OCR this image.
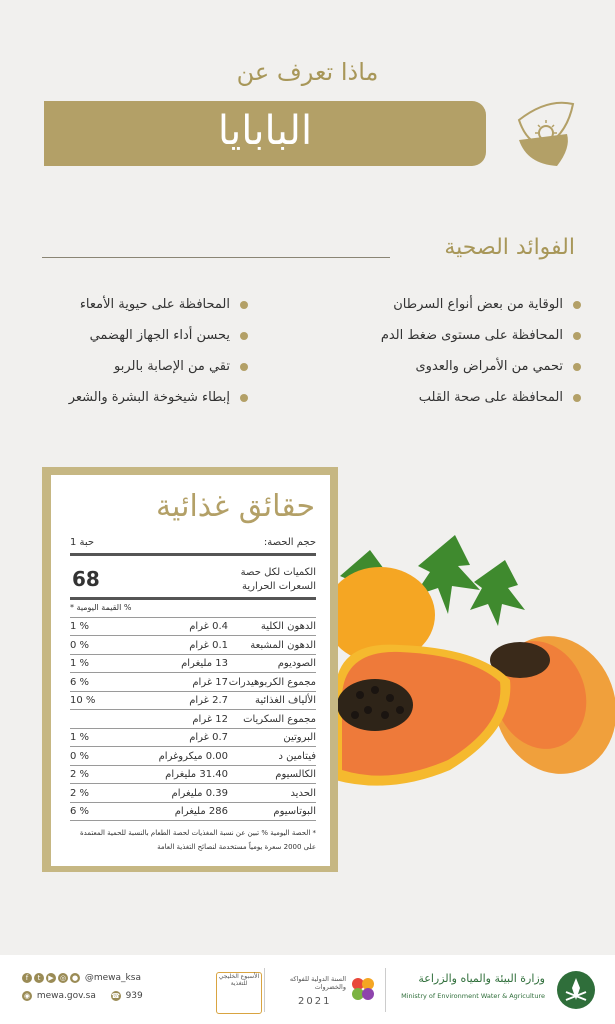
ماذا تعرف عن
البابايا
الفوائد الصحية
الوقاية من بعض أنواع السرطان
المحافظة على مستوى ضغط الدم
تحمي من الأمراض والعدوى
المحافظة على صحة القلب
المحافظة على حيوية الأمعاء
يحسن أداء الجهاز الهضمي
تقي من الإصابة بالربو
إبطاء شيخوخة البشرة والشعر
حقائق غذائية
حجم الحصة:
1 حبة
الكميات لكل حصة
السعرات الحرارية
68
* القيمة اليومية %
الدهون الكلية
0.4 غرام
1 %
الدهون المشبعة
0.1 غرام
0 %
الصوديوم
13 مليغرام
1 %
مجموع الكربوهيدرات
17 غرام
6 %
الألياف الغذائية
2.7 غرام
10 %
مجموع السكريات
12 غرام
البروتين
0.7 غرام
1 %
فيتامين د
0.00 ميكروغرام
0 %
الكالسيوم
31.40 مليغرام
2 %
الحديد
0.39 مليغرام
2 %
البوتاسيوم
286 مليغرام
6 %
* الحصة اليومية % تبين عن نسبة المغذيات لحصة الطعام بالنسبة للحمية المعتمدة
على 2000 سعرة يومياً مستخدمة لنصائح التغذية العامة
وزارة البيئة والمياه والزراعة
Ministry of Environment Water & Agriculture
السنة الدولية للفواكه والخضروات
2021
الأسبوع الخليجي للتغذية
f t ▶ ◎ ● @mewa_ksa
◉ mewa.gov.sa ☎ 939
